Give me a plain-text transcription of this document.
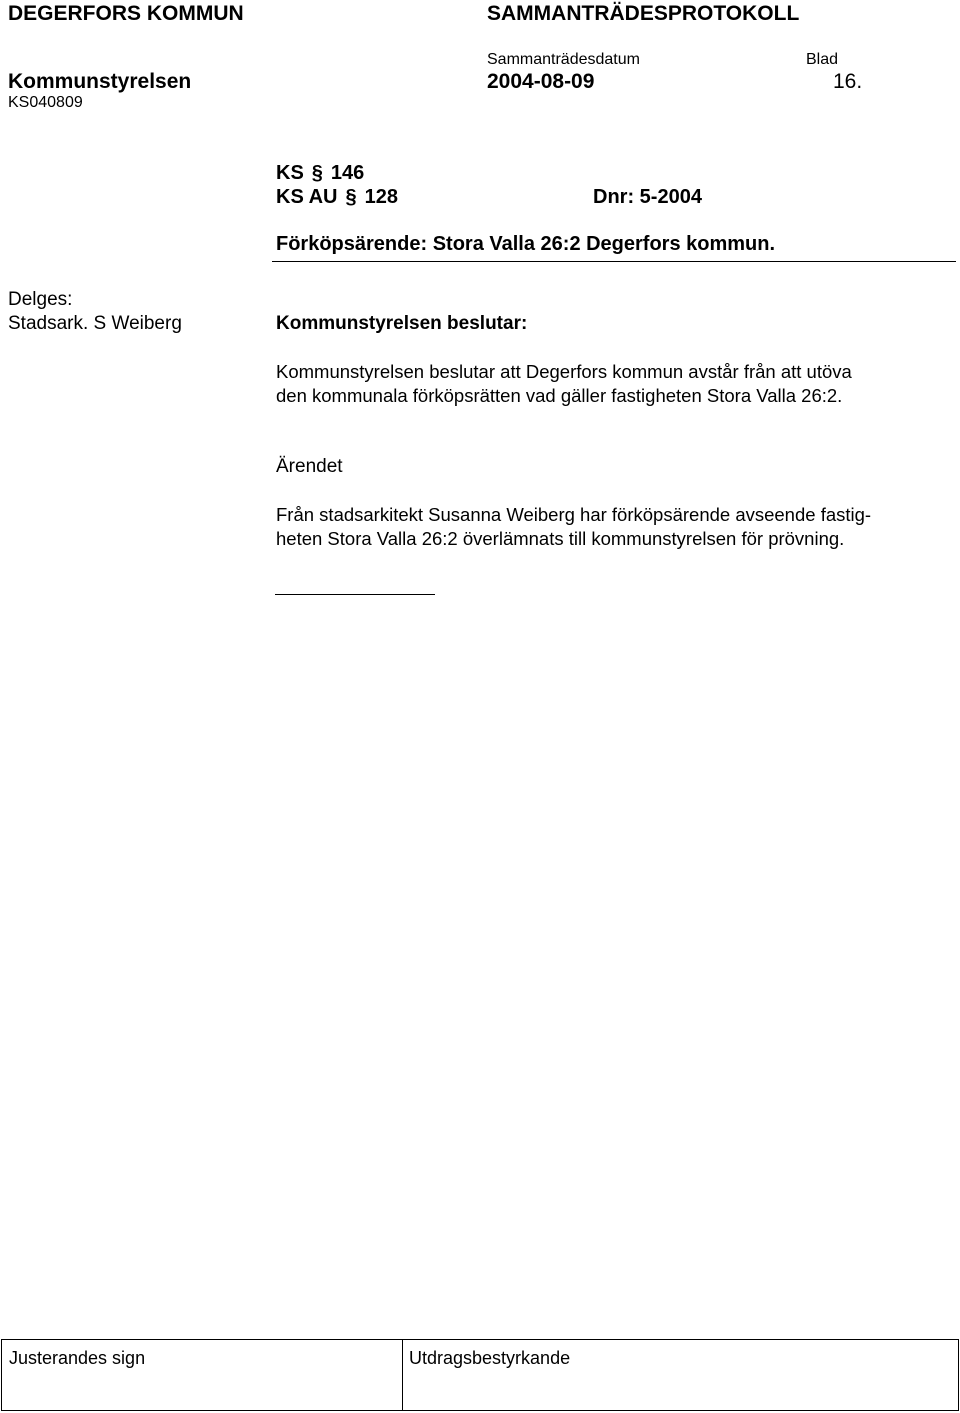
DEGERFORS KOMMUN	SAMMANTRÄDESPROTOKOLL
Sammanträdesdatum	Blad
Kommunstyrelsen	2004-08-09	16.
KS040809
KS § 146
KS AU § 128	Dnr: 5-2004
Förköpsärende: Stora Valla 26:2 Degerfors kommun.
Delges:
Stadsark. S Weiberg	Kommunstyrelsen beslutar:
Kommunstyrelsen beslutar att Degerfors kommun avstår från att utöva
den kommunala förköpsrätten vad gäller fastigheten Stora Valla 26:2.
Ärendet
Från stadsarkitekt Susanna Weiberg har förköpsärende avseende fastig-
heten Stora Valla 26:2 överlämnats till kommunstyrelsen för prövning.
Justerandes sign	Utdragsbestyrkande
